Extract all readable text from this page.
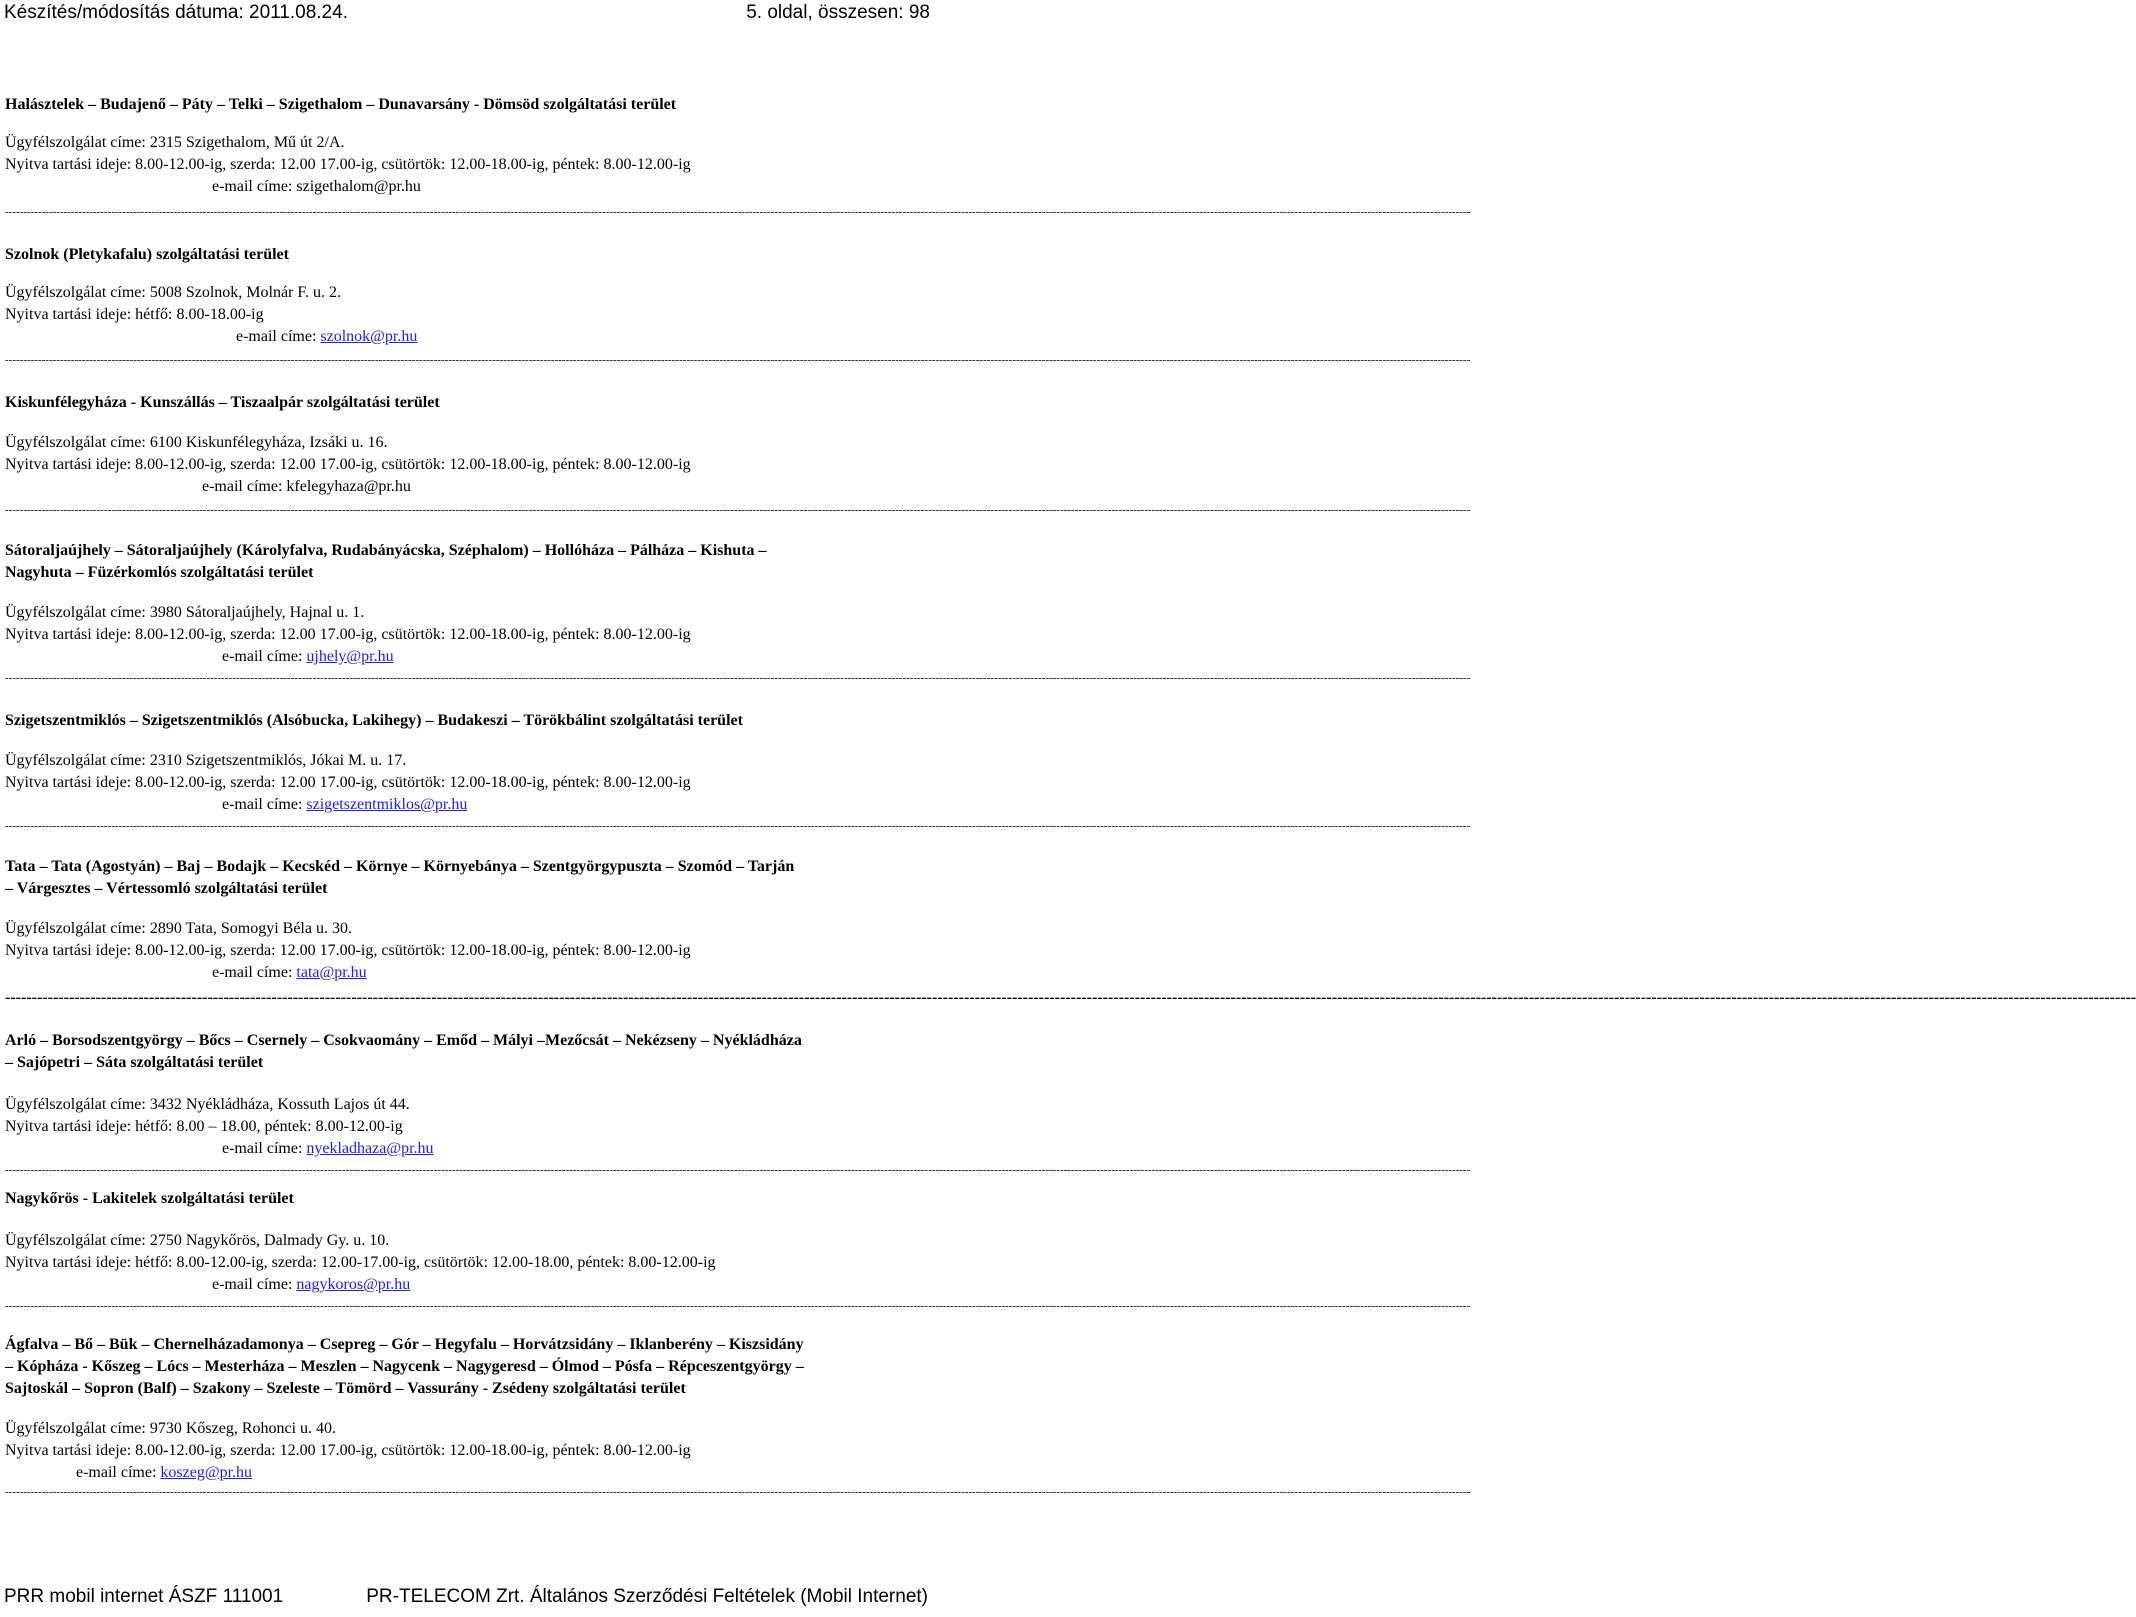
Készítés/módosítás dátuma: 2011.08.24.	5. oldal, összesen: 98
Halásztelek – Budajenő – Páty – Telki – Szigethalom – Dunavarsány - Dömsöd szolgáltatási terület
Ügyfélszolgálat címe: 2315 Szigethalom, Mű út 2/A.
Nyitva tartási ideje: 8.00-12.00-ig, szerda: 12.00 17.00-ig, csütörtök: 12.00-18.00-ig, péntek: 8.00-12.00-ig
e-mail címe: szigethalom@pr.hu
----------------------------------------------------------------------------------------------------------------------------------------------------------------------------------------------------------------------------------------------------------------------------------------------------------------------------------------------------------------------------------------------------------------
Szolnok (Pletykafalu) szolgáltatási terület
Ügyfélszolgálat címe: 5008 Szolnok, Molnár F. u. 2.
Nyitva tartási ideje: hétfő: 8.00-18.00-ig
e-mail címe: szolnok@pr.hu
----------------------------------------------------------------------------------------------------------------------------------------------------------------------------------------------------------------------------------------------------------------------------------------------------------------------------------------------------------------------------------------------------------------
Kiskunfélegyháza - Kunszállás – Tiszaalpár szolgáltatási terület
Ügyfélszolgálat címe: 6100 Kiskunfélegyháza, Izsáki u. 16.
Nyitva tartási ideje: 8.00-12.00-ig, szerda: 12.00 17.00-ig, csütörtök: 12.00-18.00-ig, péntek: 8.00-12.00-ig
e-mail címe: kfelegyhaza@pr.hu
----------------------------------------------------------------------------------------------------------------------------------------------------------------------------------------------------------------------------------------------------------------------------------------------------------------------------------------------------------------------------------------------------------------
Sátoraljaújhely – Sátoraljaújhely (Károlyfalva, Rudabányácska, Széphalom) – Hollóháza – Pálháza – Kishuta –
Nagyhuta – Füzérkomlós szolgáltatási terület
Ügyfélszolgálat címe: 3980 Sátoraljaújhely, Hajnal u. 1.
Nyitva tartási ideje: 8.00-12.00-ig, szerda: 12.00 17.00-ig, csütörtök: 12.00-18.00-ig, péntek: 8.00-12.00-ig
e-mail címe: ujhely@pr.hu
----------------------------------------------------------------------------------------------------------------------------------------------------------------------------------------------------------------------------------------------------------------------------------------------------------------------------------------------------------------------------------------------------------------
Szigetszentmiklós – Szigetszentmiklós (Alsóbucka, Lakihegy) – Budakeszi – Törökbálint szolgáltatási terület
Ügyfélszolgálat címe: 2310 Szigetszentmiklós, Jókai M. u. 17.
Nyitva tartási ideje: 8.00-12.00-ig, szerda: 12.00 17.00-ig, csütörtök: 12.00-18.00-ig, péntek: 8.00-12.00-ig
e-mail címe: szigetszentmiklos@pr.hu
----------------------------------------------------------------------------------------------------------------------------------------------------------------------------------------------------------------------------------------------------------------------------------------------------------------------------------------------------------------------------------------------------------------
Tata – Tata (Agostyán) – Baj – Bodajk – Kecskéd – Környe – Környebánya – Szentgyörgypuszta – Szomód – Tarján
– Várgesztes – Vértessomló szolgáltatási terület
Ügyfélszolgálat címe: 2890 Tata, Somogyi Béla u. 30.
Nyitva tartási ideje: 8.00-12.00-ig, szerda: 12.00 17.00-ig, csütörtök: 12.00-18.00-ig, péntek: 8.00-12.00-ig
e-mail címe: tata@pr.hu
----------------------------------------------------------------------------------------------------------------------------------------------------------------------------------------------------------------------------------------------------------------------------------------------------------------------------------------------------------------------------------------------------------------
Arló – Borsodszentgyörgy – Bőcs – Csernely – Csokvaomány – Emőd – Mályi –Mezőcsát – Nekézseny – Nyékládháza
– Sajópetri – Sáta szolgáltatási terület
Ügyfélszolgálat címe: 3432 Nyékládháza, Kossuth Lajos út 44.
Nyitva tartási ideje: hétfő: 8.00 – 18.00, péntek: 8.00-12.00-ig
e-mail címe: nyekladhaza@pr.hu
----------------------------------------------------------------------------------------------------------------------------------------------------------------------------------------------------------------------------------------------------------------------------------------------------------------------------------------------------------------------------------------------------------------
Nagykőrös - Lakitelek szolgáltatási terület
Ügyfélszolgálat címe: 2750 Nagykőrös, Dalmady Gy. u. 10.
Nyitva tartási ideje: hétfő: 8.00-12.00-ig, szerda: 12.00-17.00-ig, csütörtök: 12.00-18.00, péntek: 8.00-12.00-ig
e-mail címe: nagykoros@pr.hu
----------------------------------------------------------------------------------------------------------------------------------------------------------------------------------------------------------------------------------------------------------------------------------------------------------------------------------------------------------------------------------------------------------------
Ágfalva – Bő – Bük – Chernelházadamonya – Csepreg – Gór – Hegyfalu – Horvátzsidány – Iklanberény – Kiszsidány
– Kópháza - Kőszeg – Lócs – Mesterháza – Meszlen – Nagycenk – Nagygeresd – Ólmod – Pósfa – Répceszentgyörgy –
Sajtoskál – Sopron (Balf) – Szakony – Szeleste – Tömörd – Vassurány - Zsédeny szolgáltatási terület
Ügyfélszolgálat címe: 9730 Kőszeg, Rohonci u. 40.
Nyitva tartási ideje: 8.00-12.00-ig, szerda: 12.00 17.00-ig, csütörtök: 12.00-18.00-ig, péntek: 8.00-12.00-ig
e-mail címe: koszeg@pr.hu
----------------------------------------------------------------------------------------------------------------------------------------------------------------------------------------------------------------------------------------------------------------------------------------------------------------------------------------------------------------------------------------------------------------
PRR mobil internet ÁSZF 111001	PR-TELECOM Zrt. Általános Szerződési Feltételek (Mobil Internet)
